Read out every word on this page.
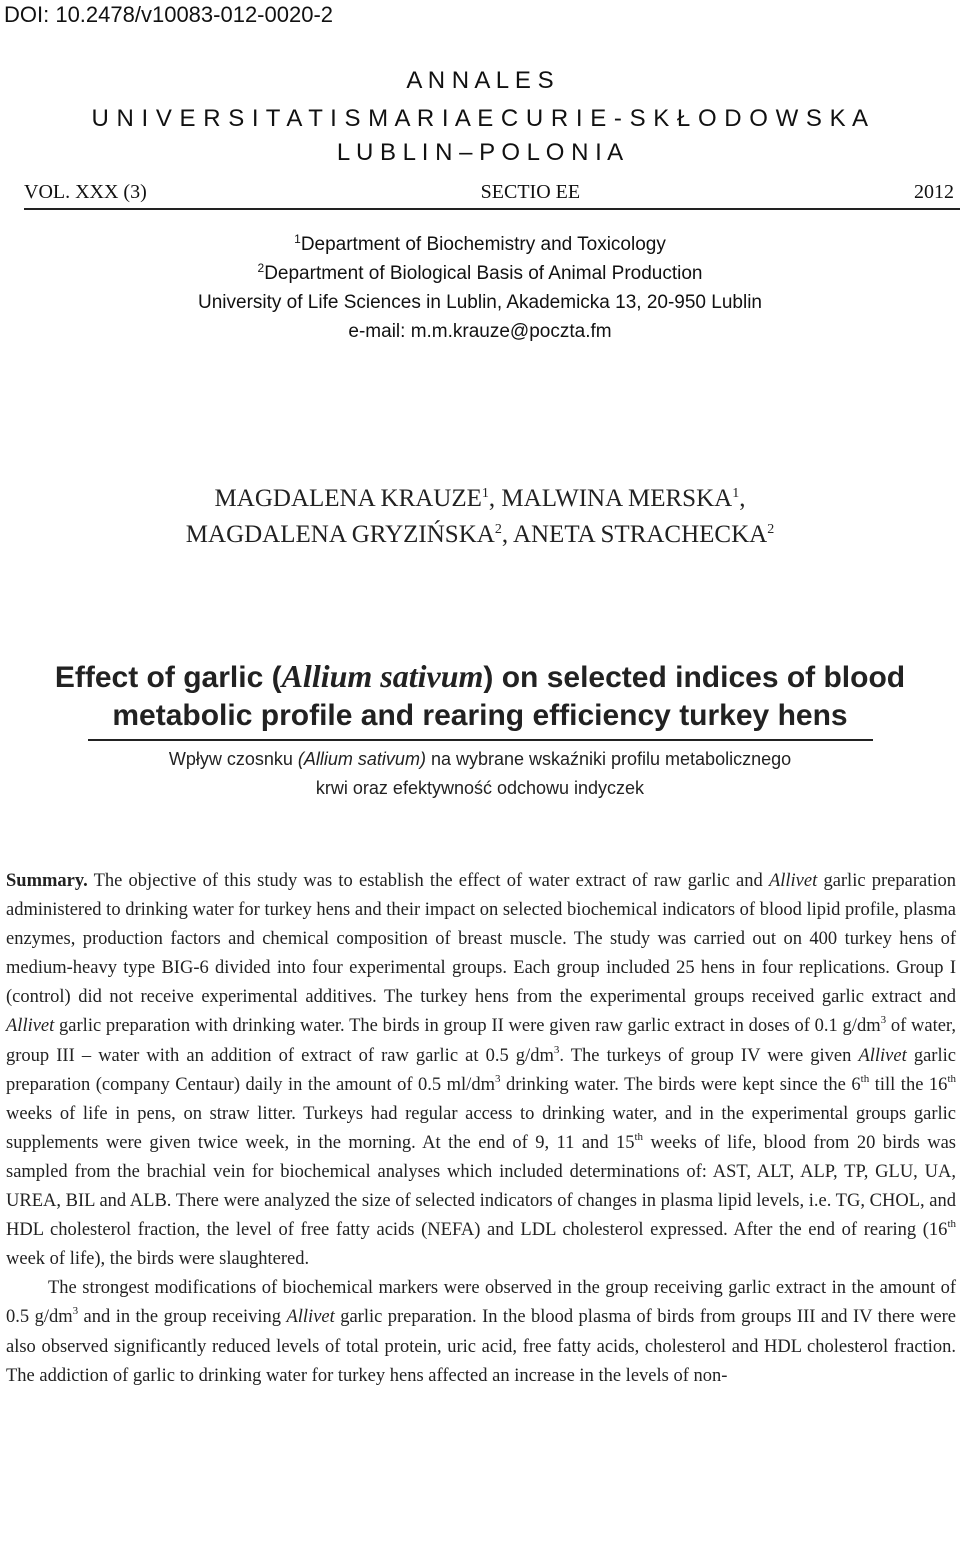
DOI: 10.2478/v10083-012-0020-2
A N N A L E S
U N I V E R S I T A T I S M A R I A E C U R I E - S K Ł O D O W S K A
L U B L I N – P O L O N I A
VOL. XXX (3)	SECTIO EE	2012
$^1$Department of Biochemistry and Toxicology
$^2$Department of Biological Basis of Animal Production
University of Life Sciences in Lublin, Akademicka 13, 20-950 Lublin
e-mail: m.m.krauze@poczta.fm
MAGDALENA KRAUZE$^1$, MALWINA MERSKA$^1$,
MAGDALENA GRYZIŃSKA$^2$, ANETA STRACHECKA$^2$
Effect of garlic (Allium sativum) on selected indices of blood
metabolic profile and rearing efficiency turkey hens
Wpływ czosnku (Allium sativum) na wybrane wskaźniki profilu metabolicznego
krwi oraz efektywność odchowu indyczek

Summary. The objective of this study was to establish the effect of water extract of raw garlic and Allivet garlic preparation administered to drinking water for turkey hens and their impact on selected biochemical indicators of blood lipid profile, plasma enzymes, production factors and chemical composition of breast muscle. The study was carried out on 400 turkey hens of medium-heavy type BIG-6 divided into four experimental groups. Each group included 25 hens in four replications. Group I (control) did not receive experimental additives. The turkey hens from the experimental groups received garlic extract and Allivet garlic preparation with drinking water. The birds in group II were given raw garlic extract in doses of 0.1 $g/dm^3$ of water, group III – water with an addition of extract of raw garlic at 0.5 $g/dm^3$. The turkeys of group IV were given Allivet garlic preparation (company Centaur) daily in the amount of 0.5 $ml/dm^3$ drinking water. The birds were kept since the 6th till the 16th weeks of life in pens, on straw litter. Turkeys had regular access to drinking water, and in the experimental groups garlic supplements were given twice week, in the morning. At the end of 9, 11 and 15th weeks of life, blood from 20 birds was sampled from the brachial vein for biochemical analyses which included determinations of: AST, ALT, ALP, TP, GLU, UA, UREA, BIL and ALB. There were analyzed the size of selected indicators of changes in plasma lipid levels, i.e. TG, CHOL, and HDL cholesterol fraction, the level of free fatty acids (NEFA) and LDL cholesterol expressed. After the end of rearing (16th week of life), the birds were slaughtered.

The strongest modifications of biochemical markers were observed in the group receiving garlic extract in the amount of 0.5 $g/dm^3$ and in the group receiving Allivet garlic preparation. In the blood plasma of birds from groups III and IV there were also observed significantly reduced levels of total protein, uric acid, free fatty acids, cholesterol and HDL cholesterol fraction. The addiction of garlic to drinking water for turkey hens affected an increase in the levels of non-
